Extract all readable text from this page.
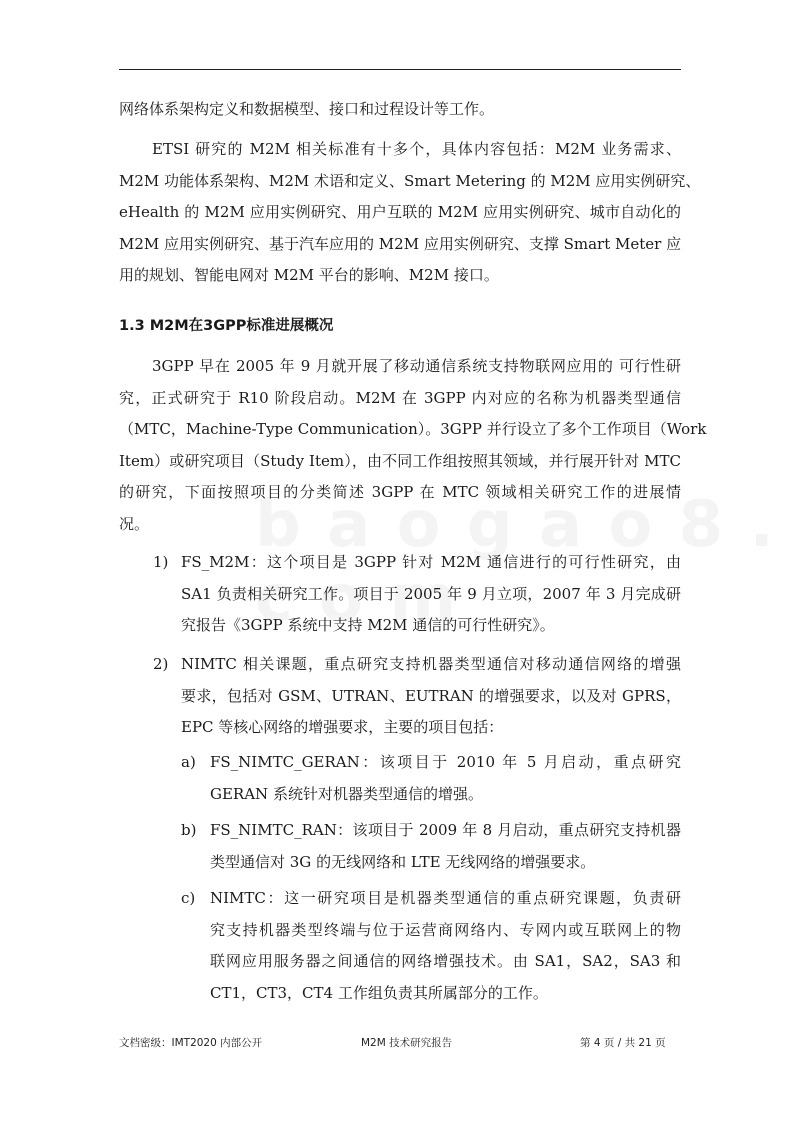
网络体系架构定义和数据模型、接口和过程设计等工作。

ETSI 研究的 M2M 相关标准有十多个，具体内容包括：M2M 业务需求、
M2M 功能体系架构、M2M 术语和定义、Smart Metering 的 M2M 应用实例研究、
eHealth 的 M2M 应用实例研究、用户互联的 M2M 应用实例研究、城市自动化的
M2M 应用实例研究、基于汽车应用的 M2M 应用实例研究、支撑 Smart Meter 应
用的规划、智能电网对 M2M 平台的影响、M2M 接口。

1.3 M2M在3GPP标准进展概况

3GPP 早在 2005 年 9 月就开展了移动通信系统支持物联网应用的 可行性研
究，正式研究于 R10 阶段启动。M2M 在 3GPP 内对应的名称为机器类型通信
（MTC，Machine-Type Communication）。3GPP 并行设立了多个工作项目（Work
Item）或研究项目（Study Item），由不同工作组按照其领域，并行展开针对 MTC
的研究，下面按照项目的分类简述 3GPP 在 MTC 领域相关研究工作的进展情
况。

1) FS_M2M：这个项目是 3GPP 针对 M2M 通信进行的可行性研究，由
SA1 负责相关研究工作。项目于 2005 年 9 月立项，2007 年 3 月完成研
究报告《3GPP 系统中支持 M2M 通信的可行性研究》。
2) NIMTC 相关课题，重点研究支持机器类型通信对移动通信网络的增强
要求，包括对 GSM、UTRAN、EUTRAN 的增强要求，以及对 GPRS，
EPC 等核心网络的增强要求，主要的项目包括：
a) FS_NIMTC_GERAN：该项目于 2010 年 5 月启动，重点研究
GERAN 系统针对机器类型通信的增强。
b) FS_NIMTC_RAN：该项目于 2009 年 8 月启动，重点研究支持机器
类型通信对 3G 的无线网络和 LTE 无线网络的增强要求。
c) NIMTC：这一研究项目是机器类型通信的重点研究课题，负责研
究支持机器类型终端与位于运营商网络内、专网内或互联网上的物
联网应用服务器之间通信的网络增强技术。由 SA1，SA2，SA3 和
CT1，CT3，CT4 工作组负责其所属部分的工作。
文档密级：IMT2020 内部公开	M2M 技术研究报告	第 4 页 / 共 21 页
